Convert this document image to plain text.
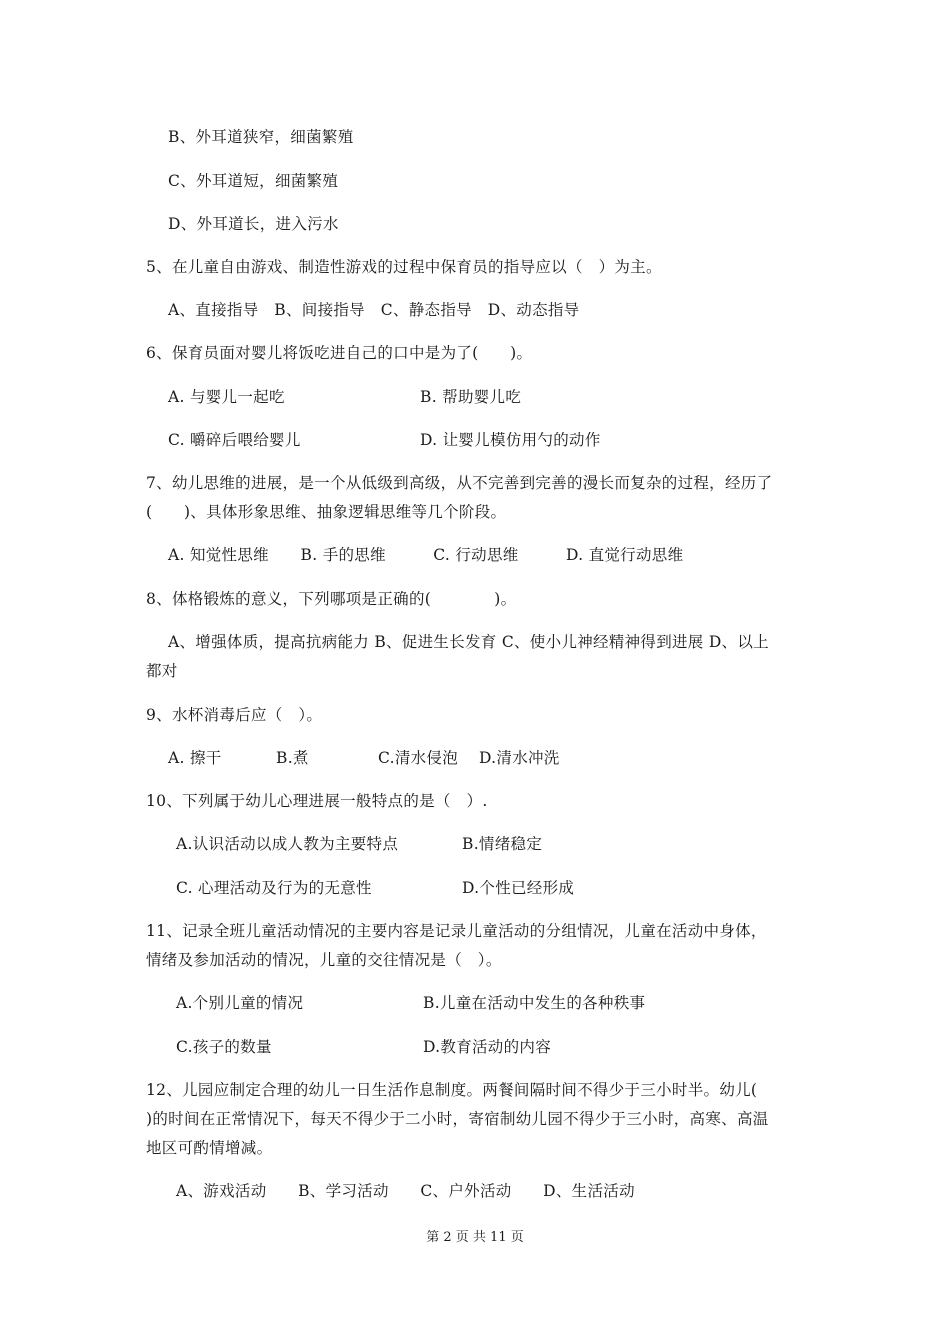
B、外耳道狭窄，细菌繁殖
C、外耳道短，细菌繁殖
D、外耳道长，进入污水
5、在儿童自由游戏、制造性游戏的过程中保育员的指导应以（　）为主。
A、直接指导　B、间接指导　C、静态指导　D、动态指导
6、保育员面对婴儿将饭吃进自己的口中是为了(　　)。
A. 与婴儿一起吃	B. 帮助婴儿吃
C. 嚼碎后喂给婴儿	D. 让婴儿模仿用勺的动作
7、幼儿思维的进展，是一个从低级到高级，从不完善到完善的漫长而复杂的过程，经历了
(　　)、具体形象思维、抽象逻辑思维等几个阶段。
A. 知觉性思维　　B. 手的思维　　　C. 行动思维　　　D. 直觉行动思维
8、体格锻炼的意义，下列哪项是正确的(　　　　)。
A、增强体质，提高抗病能力 B、促进生长发育 C、使小儿神经精神得到进展 D、以上
都对
9、水杯消毒后应（　）。
A. 擦干	B.煮	C.清水侵泡 D.清水冲洗
10、下列属于幼儿心理进展一般特点的是（　）.
A.认识活动以成人教为主要特点	B.情绪稳定
C. 心理活动及行为的无意性	D.个性已经形成
11、记录全班儿童活动情况的主要内容是记录儿童活动的分组情况，儿童在活动中身体，
情绪及参加活动的情况，儿童的交往情况是（　）。
A.个别儿童的情况	B.儿童在活动中发生的各种秩事
C.孩子的数量	D.教育活动的内容
12、儿园应制定合理的幼儿一日生活作息制度。两餐间隔时间不得少于三小时半。幼儿(
)的时间在正常情况下，每天不得少于二小时，寄宿制幼儿园不得少于三小时，高寒、高温
地区可酌情增减。
A、游戏活动　　B、学习活动　　C、户外活动　　D、生活活动
第 2 页 共 11 页
